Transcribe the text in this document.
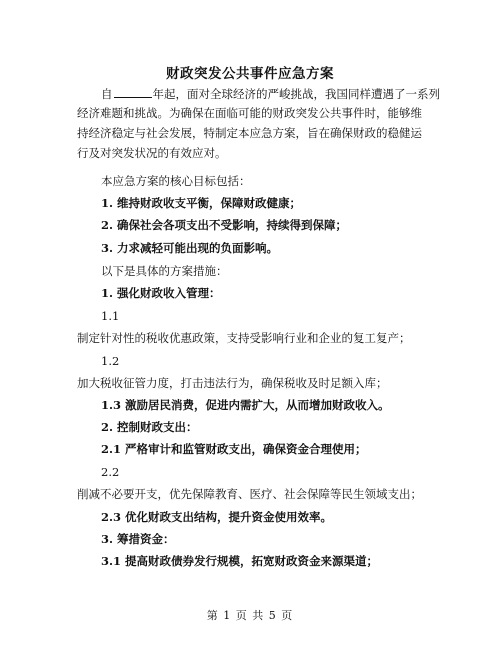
财政突发公共事件应急方案
自	年起，面对全球经济的严峻挑战，我国同样遭遇了一系列
经济难题和挑战。为确保在面临可能的财政突发公共事件时，能够维
持经济稳定与社会发展，特制定本应急方案，旨在确保财政的稳健运
行及对突发状况的有效应对。
本应急方案的核心目标包括：
1. 维持财政收支平衡，保障财政健康；
2. 确保社会各项支出不受影响，持续得到保障；
3. 力求减轻可能出现的负面影响。
以下是具体的方案措施：
1. 强化财政收入管理：
1.1
制定针对性的税收优惠政策，支持受影响行业和企业的复工复产；
1.2
加大税收征管力度，打击违法行为，确保税收及时足额入库；
1.3 激励居民消费，促进内需扩大，从而增加财政收入。
2. 控制财政支出：
2.1 严格审计和监管财政支出，确保资金合理使用；
2.2
削减不必要开支，优先保障教育、医疗、社会保障等民生领域支出；
2.3 优化财政支出结构，提升资金使用效率。
3. 筹措资金：
3.1 提高财政债券发行规模，拓宽财政资金来源渠道；
第 1 页 共 5 页
